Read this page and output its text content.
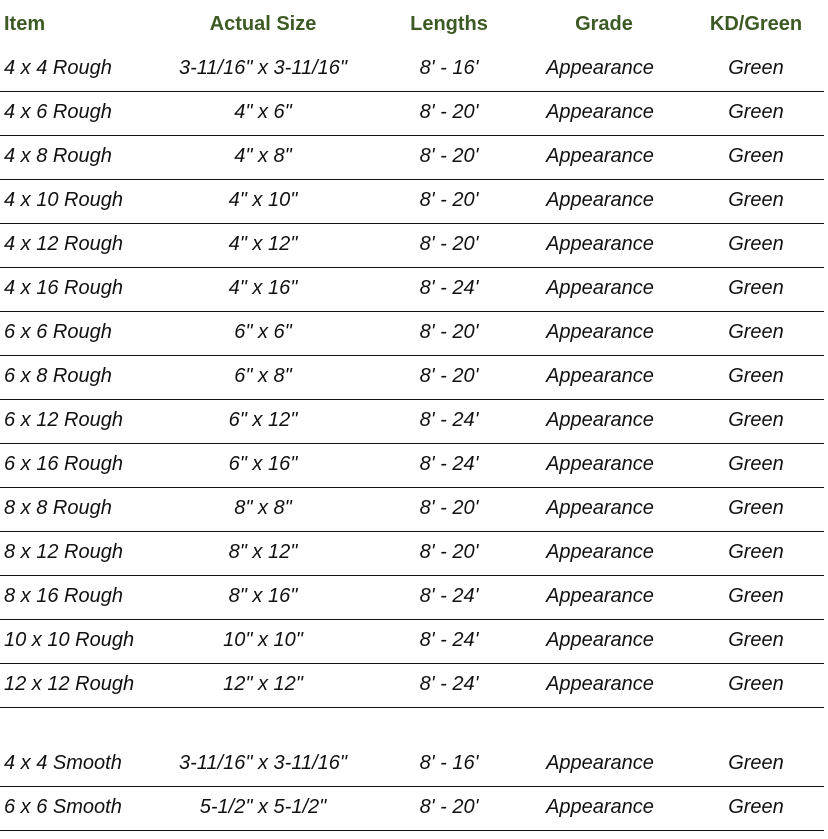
Item	Actual Size	Lengths	Grade	KD/Green
4 x 4 Rough	3-11/16" x 3-11/16"	8' - 16'	Appearance	Green
4 x 6 Rough	4" x 6"	8' - 20'	Appearance	Green
4 x 8 Rough	4" x 8"	8' - 20'	Appearance	Green
4 x 10 Rough	4" x 10"	8' - 20'	Appearance	Green
4 x 12 Rough	4" x 12"	8' - 20'	Appearance	Green
4 x 16 Rough	4" x 16"	8' - 24'	Appearance	Green
6 x 6 Rough	6" x 6"	8' - 20'	Appearance	Green
6 x 8 Rough	6" x 8"	8' - 20'	Appearance	Green
6 x 12 Rough	6" x 12"	8' - 24'	Appearance	Green
6 x 16 Rough	6" x 16"	8' - 24'	Appearance	Green
8 x 8 Rough	8" x 8"	8' - 20'	Appearance	Green
8 x 12 Rough	8" x 12"	8' - 20'	Appearance	Green
8 x 16 Rough	8" x 16"	8' - 24'	Appearance	Green
10 x 10 Rough	10" x 10"	8' - 24'	Appearance	Green
12 x 12 Rough	12" x 12"	8' - 24'	Appearance	Green
4 x 4 Smooth	3-11/16" x 3-11/16"	8' - 16'	Appearance	Green
6 x 6 Smooth	5-1/2" x 5-1/2"	8' - 20'	Appearance	Green
